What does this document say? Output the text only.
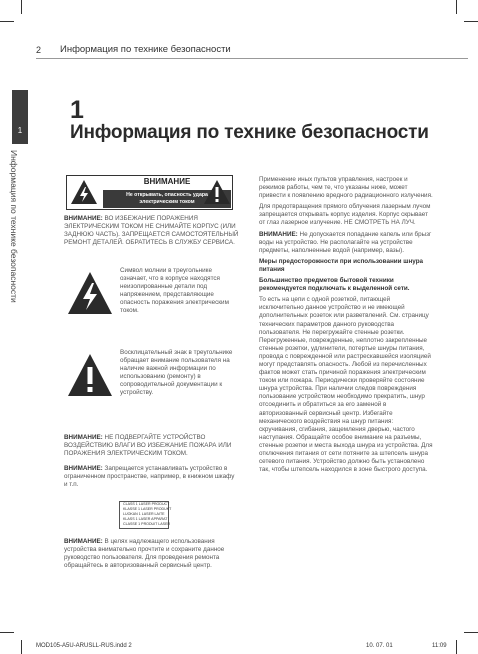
2 Информация по технике безопасности
1
Информация по технике безопасности
1
Информация по технике безопасности
ВНИМАНИЕ
Не открывать, опасность удара
электрическим током
ВНИМАНИЕ: ВО ИЗБЕЖАНИЕ ПОРАЖЕНИЯ ЭЛЕКТРИЧЕСКИМ ТОКОМ НЕ СНИМАЙТЕ КОРПУС (ИЛИ ЗАДНЮЮ ЧАСТЬ). ЗАПРЕЩАЕТСЯ САМОСТОЯТЕЛЬНЫЙ РЕМОНТ ДЕТАЛЕЙ. ОБРАТИТЕСЬ В СЛУЖБУ СЕРВИСА.
Символ молнии в треугольнике означает, что в корпусе находятся неизолированные детали под напряжением, представляющие опасность поражения электрическим током.
Восклицательный знак в треугольнике обращает внимание пользователя на наличие важной информации по использованию (ремонту) в сопроводительной документации к устройству.
ВНИМАНИЕ: НЕ ПОДВЕРГАЙТЕ УСТРОЙСТВО ВОЗДЕЙСТВИЮ ВЛАГИ ВО ИЗБЕЖАНИЕ ПОЖАРА ИЛИ ПОРАЖЕНИЯ ЭЛЕКТРИЧЕСКИМ ТОКОМ.
ВНИМАНИЕ: Запрещается устанавливать устройство в ограниченном пространстве, например, в книжном шкафу и т.п.
CLASS 1 LASER PRODUCT
KLASSE 1 LASER PRODUKT
LUOKAN 1 LASER LAITE
KLASS 1 LASER APPARAT
CLASSE 1 PRODUIT LASER
ВНИМАНИЕ: В целях надлежащего использования устройства внимательно прочтите и сохраните данное руководство пользователя. Для проведения ремонта обращайтесь в авторизованный сервисный центр.

Применение иных пультов управления, настроек и режимов работы, чем те, что указаны ниже, может привести к появлению вредного радиационного излучения.

Для предотвращения прямого облучения лазерным лучом запрещается открывать корпус изделия. Корпус скрывает от глаз лазерное излучение. НЕ СМОТРЕТЬ НА ЛУЧ.

ВНИМАНИЕ: Не допускается попадание капель или брызг воды на устройство. Не располагайте на устройстве предметы, наполненные водой (например, вазы).

Меры предосторожности при использовании шнура питания

Большинство предметов бытовой техники рекомендуется подключать к выделенной сети.

То есть на цепи с одной розеткой, питающей исключительно данное устройство и не имеющей дополнительных розеток или разветвлений. См. страницу технических параметров данного руководства пользователя. Не перегружайте стенные розетки. Перегруженные, поврежденные, неплотно закрепленные стенные розетки, удлинители, потертые шнуры питания, провода с поврежденной или растрескавшейся изоляцией могут представлять опасность. Любой из перечисленных фактов может стать причиной поражения электрическим током или пожара. Периодически проверяйте состояние шнура устройства. При наличии следов повреждения пользование устройством необходимо прекратить, шнур отсоединить и обратиться за его заменой в авторизованный сервисный центр. Избегайте механического воздействия на шнур питания: скручивания, сгибания, защемления дверью, частого наступания. Обращайте особое внимание на разъемы, стенные розетки и места выхода шнура из устройства. Для отключения питания от сети потяните за штепсель шнура сетевого питания. Устройство должно быть установлено так, чтобы штепсель находился в зоне быстрого доступа.

MOD105-A5U-ARUSLL-RUS.indd 2	10. 07. 01	11:09
